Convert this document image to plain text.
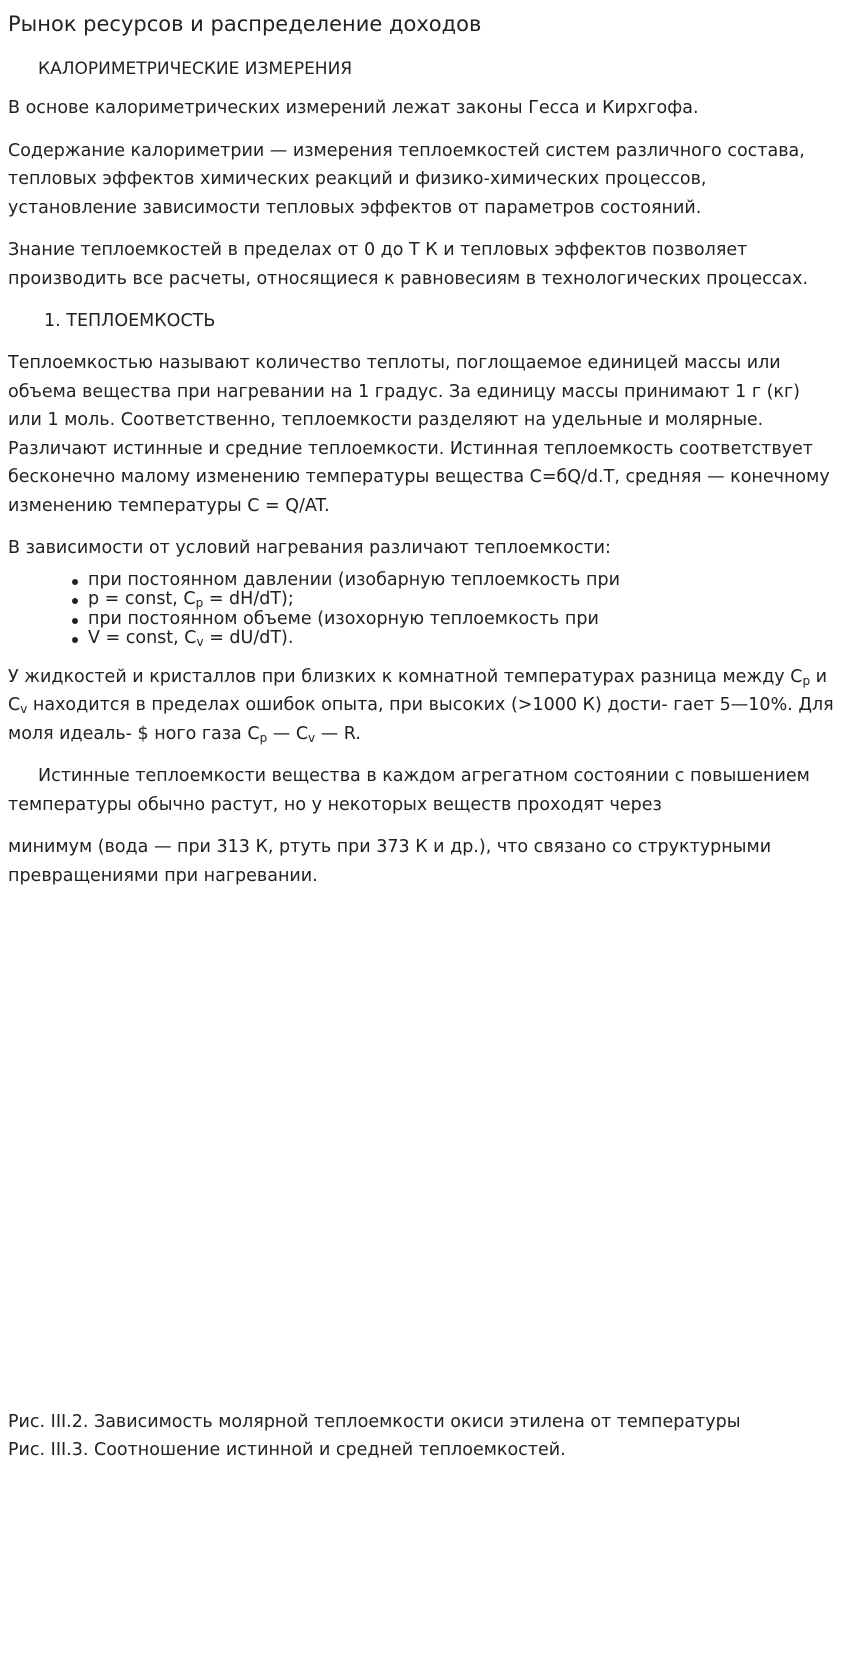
Рынок ресурсов и распределение доходов
КАЛОРИМЕТРИЧЕСКИЕ ИЗМЕРЕНИЯ

В основе калориметрических измерений лежат законы Гесса и Кирхгофа.

Содержание калориметрии — измерения теплоемкостей систем различного состава, тепловых эффектов химических реакций и физико-химических процессов, установление зависимости тепловых эффектов от параметров состояний.

Знание теплоемкостей в пределах от 0 до Т К и тепловых эффектов позволяет производить все расчеты, относящиеся к равновесиям в технологических процессах.

1. ТЕПЛОЕМКОСТЬ

Теплоемкостью называют количество теплоты, поглощаемое единицей массы или объема вещества при нагревании на 1 градус. За единицу массы принимают 1 г (кг) или 1 моль. Соответственно, теплоемкости разделяют на удельные и молярные. Различают истинные и средние теплоемкости. Истинная теплоемкость соответствует бесконечно малому изменению температуры вещества С=бQ/d.T, средняя — конечному изменению температуры С = Q/AT.

В зависимости от условий нагревания различают теплоемкости:

при постоянном давлении (изобарную теплоемкость при
р = const, $С_p = dH/dT$);
при постоянном объеме (изохорную теплоемкость при
V = const, $С_v = dU/dT$).

У жидкостей и кристаллов при близких к комнатной температурах разница между $С_p$ и $С_v$ находится в пределах ошибок опыта, при высоких (>1000 К) дости- гает 5—10%. Для моля идеаль- $ ного газа $С_p$ — $С_v$ — R.

Истинные теплоемкости вещества в каждом агрегатном состоянии с повышением температуры обычно растут, но у некоторых веществ проходят через

минимум (вода — при 313 К, ртуть при 373 К и др.), что связано со структурными превращениями при нагревании.

Рис. III.2. Зависимость молярной теплоемкости окиси этилена от температуры

Рис. III.3. Соотношение истинной и средней теплоемкостей.
